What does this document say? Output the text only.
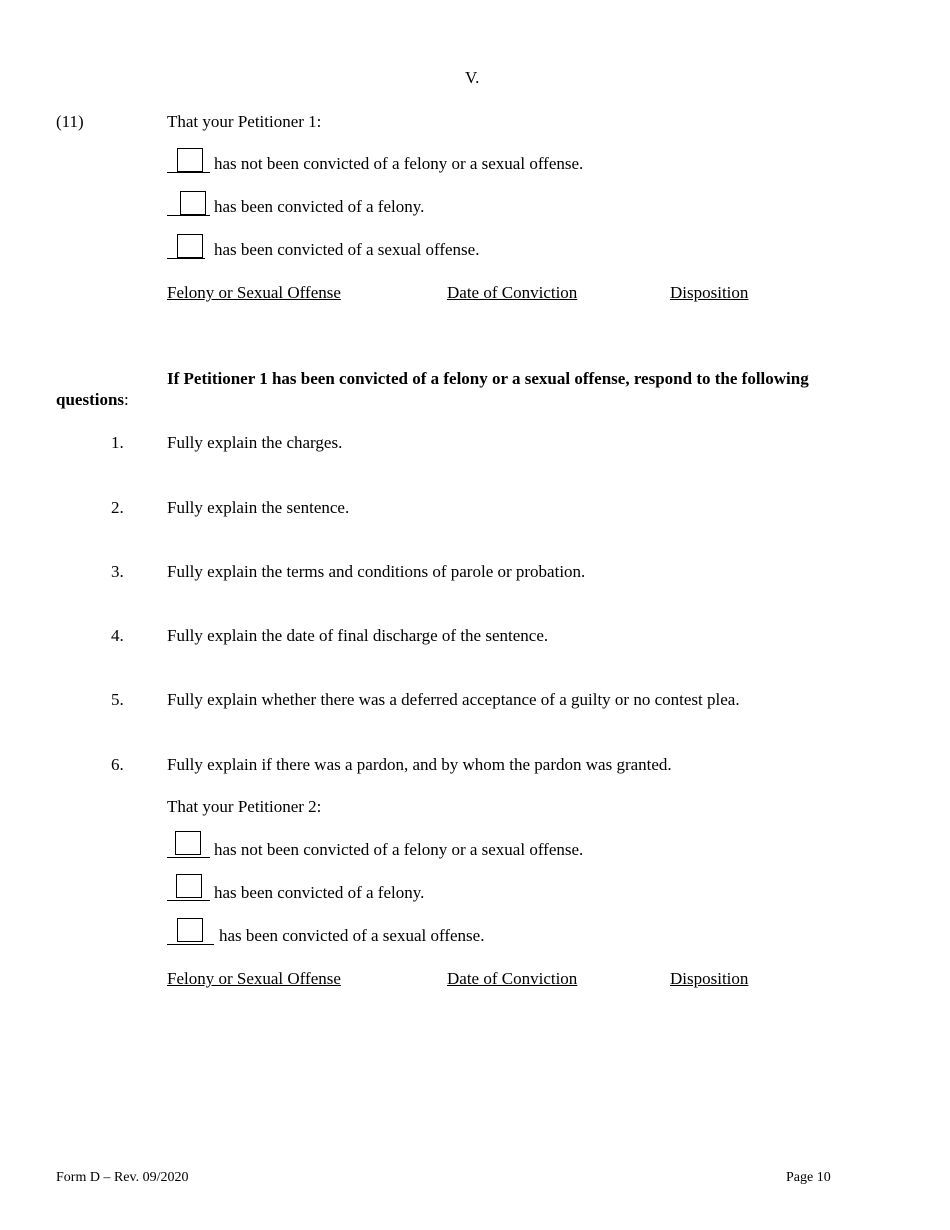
V.
(11)	That your Petitioner 1:
has not been convicted of a felony or a sexual offense.
has been convicted of a felony.
has been convicted of a sexual offense.
Felony or Sexual Offense	Date of Conviction	Disposition
If Petitioner 1 has been convicted of a felony or a sexual offense, respond to the following
questions:
1.	Fully explain the charges.
2.	Fully explain the sentence.
3.	Fully explain the terms and conditions of parole or probation.
4.	Fully explain the date of final discharge of the sentence.
5.	Fully explain whether there was a deferred acceptance of a guilty or no contest plea.
6.	Fully explain if there was a pardon, and by whom the pardon was granted.
That your Petitioner 2:
has not been convicted of a felony or a sexual offense.
has been convicted of a felony.
has been convicted of a sexual offense.
Felony or Sexual Offense	Date of Conviction	Disposition
Form D – Rev. 09/2020	Page 10
